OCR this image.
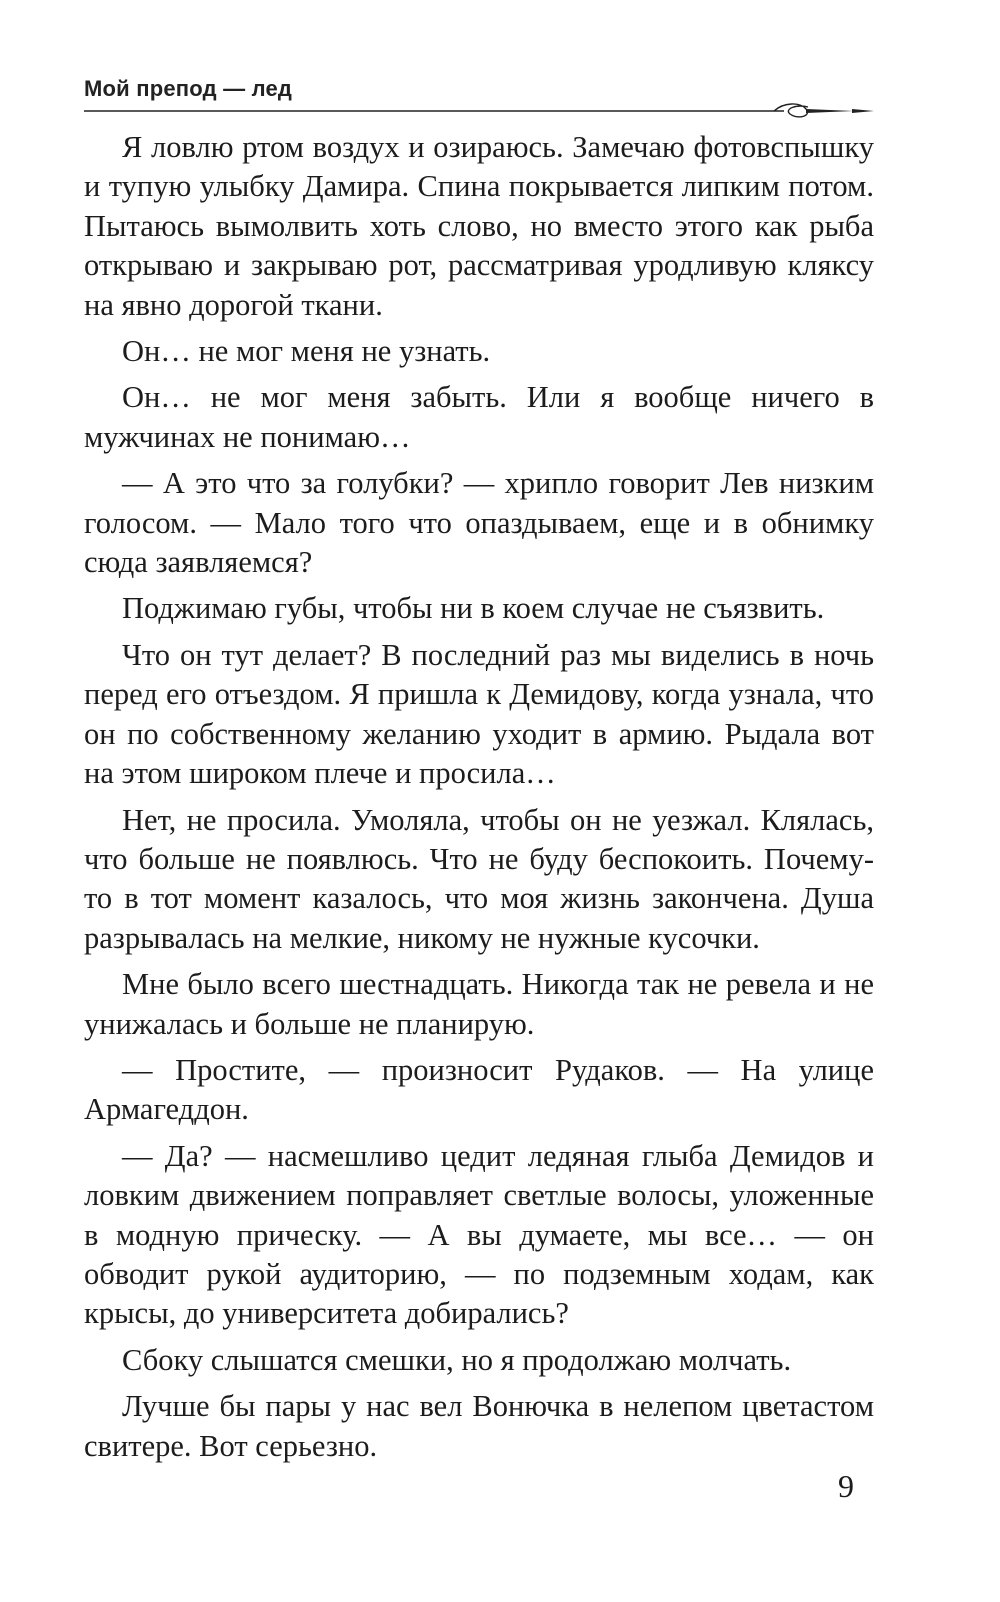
Мой препод — лед

Я ловлю ртом воздух и озираюсь. Замечаю фотовспышку и тупую улыбку Дамира. Спина покрывается липким потом. Пытаюсь вымолвить хоть слово, но вместо этого как рыба открываю и закрываю рот, рассматривая уродливую кляксу на явно дорогой ткани.

Он… не мог меня не узнать.

Он… не мог меня забыть. Или я вообще ничего в мужчинах не понимаю…

— А это что за голубки? — хрипло говорит Лев низким голосом. — Мало того что опаздываем, еще и в обнимку сюда заявляемся?

Поджимаю губы, чтобы ни в коем случае не съязвить.

Что он тут делает? В последний раз мы виделись в ночь перед его отъездом. Я пришла к Демидову, когда узнала, что он по собственному желанию уходит в армию. Рыдала вот на этом широком плече и просила…

Нет, не просила. Умоляла, чтобы он не уезжал. Клялась, что больше не появлюсь. Что не буду беспокоить. Почему-то в тот момент казалось, что моя жизнь закончена. Душа разрывалась на мелкие, никому не нужные кусочки.

Мне было всего шестнадцать. Никогда так не ревела и не унижалась и больше не планирую.

— Простите, — произносит Рудаков. — На улице Армагеддон.

— Да? — насмешливо цедит ледяная глыба Демидов и ловким движением поправляет светлые волосы, уложенные в модную прическу. — А вы думаете, мы все… — он обводит рукой аудиторию, — по подземным ходам, как крысы, до университета добирались?

Сбоку слышатся смешки, но я продолжаю молчать.

Лучше бы пары у нас вел Вонючка в нелепом цветастом свитере. Вот серьезно.

9
